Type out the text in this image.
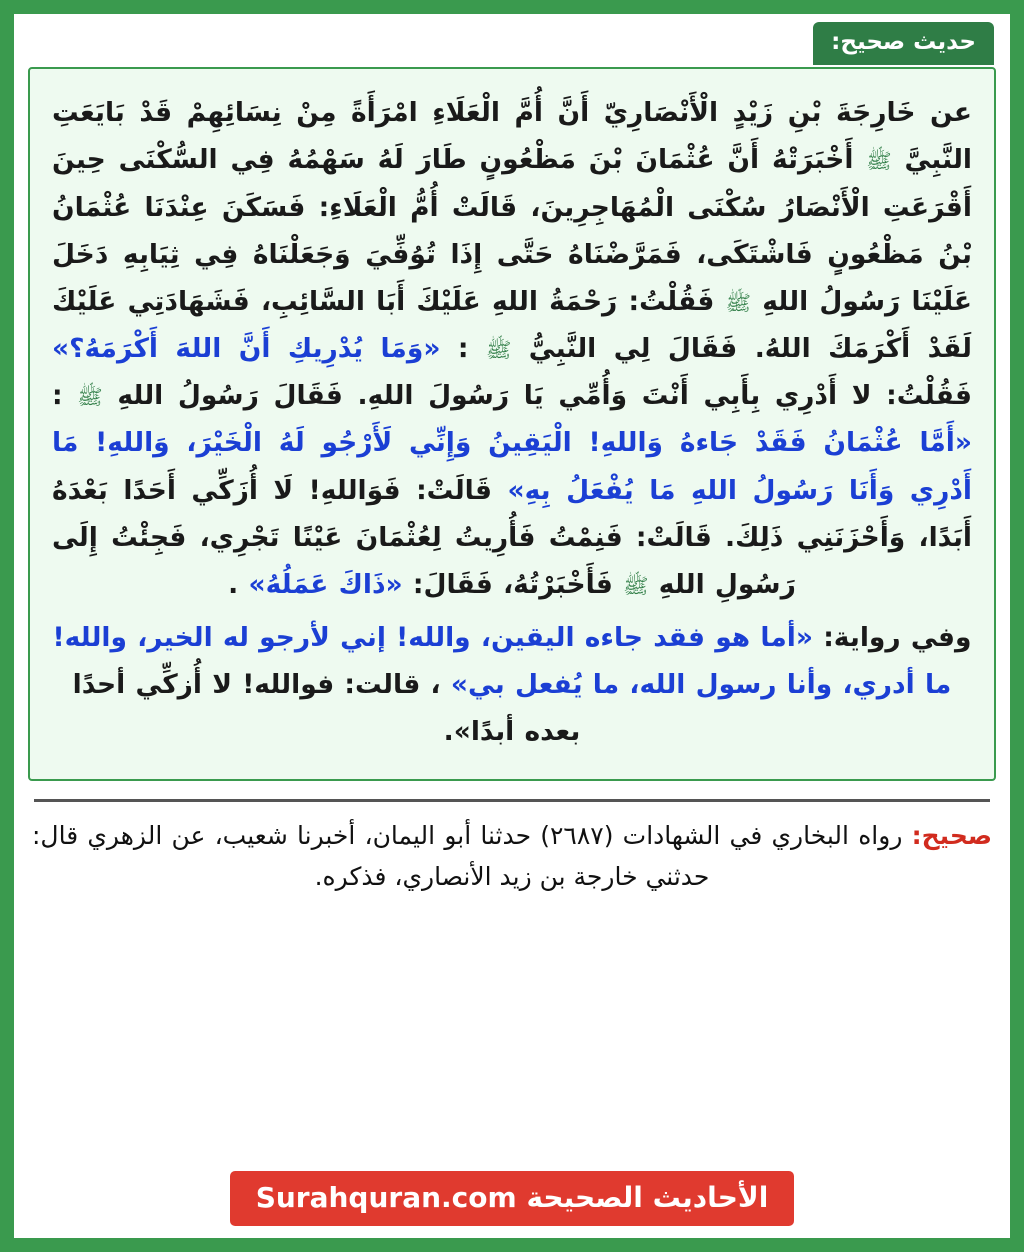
حديث صحيح:
عن خَارِجَةَ بْنِ زَيْدٍ الْأَنْصَارِيّ أَنَّ أُمَّ الْعَلَاءِ امْرَأَةً مِنْ نِسَائِهِمْ قَدْ بَايَعَتِ النَّبِيَّ ﷺ أَخْبَرَتْهُ أَنَّ عُثْمَانَ بْنَ مَظْعُونٍ طَارَ لَهُ سَهْمُهُ فِي السُّكْنَى حِينَ أَقْرَعَتِ الْأَنْصَارُ سُكْنَى الْمُهَاجِرِينَ، قَالَتْ أُمُّ الْعَلَاءِ: فَسَكَنَ عِنْدَنَا عُثْمَانُ بْنُ مَظْعُونٍ فَاشْتَكَى، فَمَرَّضْنَاهُ حَتَّى إِذَا تُوُفِّيَ وَجَعَلْنَاهُ فِي ثِيَابِهِ دَخَلَ عَلَيْنَا رَسُولُ اللهِ ﷺ فَقُلْتُ: رَحْمَةُ اللهِ عَلَيْكَ أَبَا السَّائِبِ، فَشَهَادَتِي عَلَيْكَ لَقَدْ أَكْرَمَكَ اللهُ. فَقَالَ لِي النَّبِيُّ ﷺ : «وَمَا يُدْرِيكِ أَنَّ اللهَ أَكْرَمَهُ؟» فَقُلْتُ: لا أَدْرِي بِأَبِي أَنْتَ وَأُمِّي يَا رَسُولَ اللهِ. فَقَالَ رَسُولُ اللهِ ﷺ : «أَمَّا عُثْمَانُ فَقَدْ جَاءهُ وَاللهِ! الْيَقِينُ وَإِنِّي لَأَرْجُو لَهُ الْخَيْرَ، وَاللهِ! مَا أَدْرِي وَأَنَا رَسُولُ اللهِ مَا يُفْعَلُ بِهِ» قَالَتْ: فَوَاللهِ! لَا أُزَكِّي أَحَدًا بَعْدَهُ أَبَدًا، وَأَحْزَنَنِي ذَلِكَ. قَالَتْ: فَنِمْتُ فَأُرِيتُ لِعُثْمَانَ عَيْنًا تَجْرِي، فَجِئْتُ إِلَى رَسُولِ اللهِ ﷺ فَأَخْبَرْتُهُ، فَقَالَ: «ذَاكَ عَمَلُهُ» .
وفي رواية: «أما هو فقد جاءه اليقين، والله! إني لأرجو له الخير، والله! ما أدري، وأنا رسول الله، ما يُفعل بي» ، قالت: فوالله! لا أُزكِّي أحدًا بعده أبدًا».
صحيح: رواه البخاري في الشهادات (٢٦٨٧) حدثنا أبو اليمان، أخبرنا شعيب، عن الزهري قال: حدثني خارجة بن زيد الأنصاري، فذكره.
الأحاديث الصحيحة Surahquran.com
